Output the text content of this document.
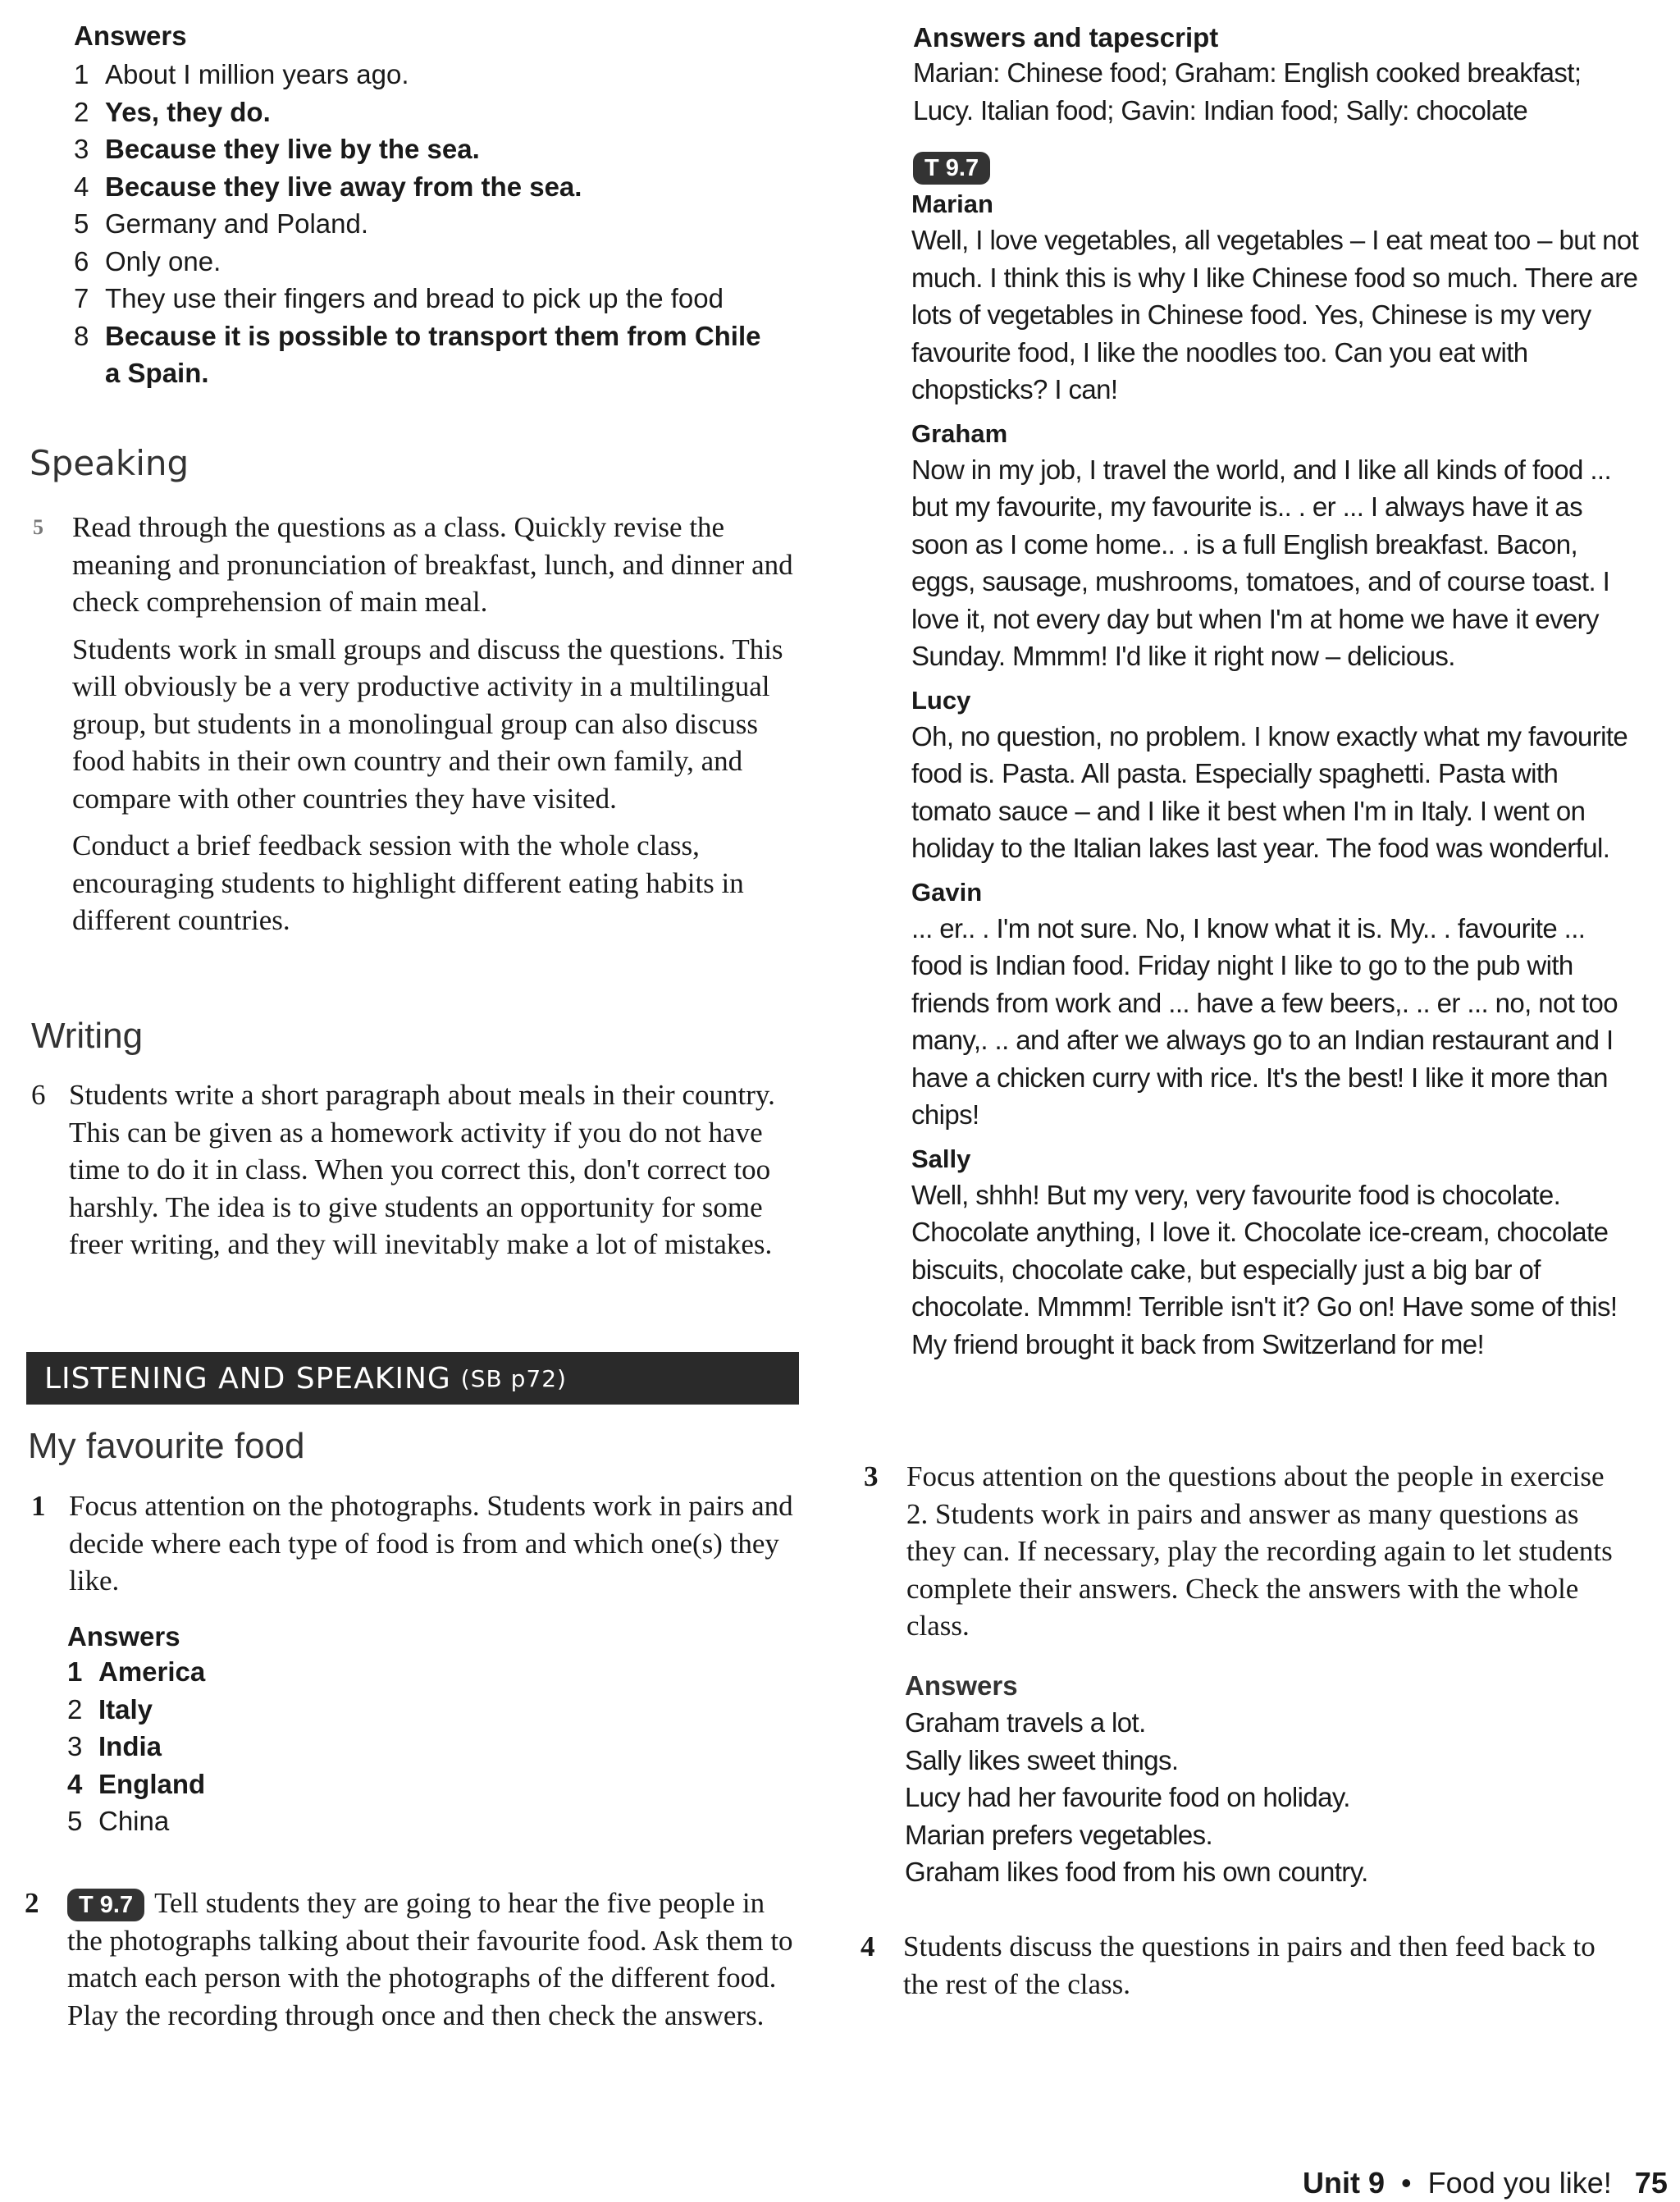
Answers
1 About I million years ago.
2 Yes, they do.
3 Because they live by the sea.
4 Because they live away from the sea.
5 Germany and Poland.
6 Only one.
7 They use their fingers and bread to pick up the food
8 Because it is possible to transport them from Chile a Spain.
Speaking
5 Read through the questions as a class. Quickly revise the meaning and pronunciation of breakfast, lunch, and dinner and check comprehension of main meal.

Students work in small groups and discuss the questions. This will obviously be a very productive activity in a multilingual group, but students in a monolingual group can also discuss food habits in their own country and their own family, and compare with other countries they have visited.

Conduct a brief feedback session with the whole class, encouraging students to highlight different eating habits in different countries.

Writing
6 Students write a short paragraph about meals in their country. This can be given as a homework activity if you do not have time to do it in class. When you correct this, don't correct too harshly. The idea is to give students an opportunity for some freer writing, and they will inevitably make a lot of mistakes.

LISTENING AND SPEAKING (SB p72)
My favourite food
1 Focus attention on the photographs. Students work in pairs and decide where each type of food is from and which one(s) they like.

Answers
1 America
2 Italy
3 India
4 England
5 China
2	T 9.7 Tell students they are going to hear the five people in the photographs talking about their favourite food. Ask them to match each person with the photographs of the different food. Play the recording through once and then check the answers.

Answers and tapescript

Marian: Chinese food; Graham: English cooked breakfast; Lucy. Italian food; Gavin: Indian food; Sally: chocolate

T 9.7

Marian

Well, I love vegetables, all vegetables – I eat meat too – but not much. I think this is why I like Chinese food so much. There are lots of vegetables in Chinese food. Yes, Chinese is my very favourite food, I like the noodles too. Can you eat with chopsticks? I can!

Graham

Now in my job, I travel the world, and I like all kinds of food ... but my favourite, my favourite is.. . er ... I always have it as soon as I come home.. . is a full English breakfast. Bacon, eggs, sausage, mushrooms, tomatoes, and of course toast. I love it, not every day but when I'm at home we have it every Sunday. Mmmm! I'd like it right now – delicious.

Lucy

Oh, no question, no problem. I know exactly what my favourite food is. Pasta. All pasta. Especially spaghetti. Pasta with tomato sauce – and I like it best when I'm in Italy. I went on holiday to the Italian lakes last year. The food was wonderful.

Gavin

... er.. . I'm not sure. No, I know what it is. My.. . favourite ... food is Indian food. Friday night I like to go to the pub with friends from work and ... have a few beers,. .. er ... no, not too many,. .. and after we always go to an Indian restaurant and I have a chicken curry with rice. It's the best! I like it more than chips!

Sally

Well, shhh! But my very, very favourite food is chocolate. Chocolate anything, I love it. Chocolate ice-cream, chocolate biscuits, chocolate cake, but especially just a big bar of chocolate. Mmmm! Terrible isn't it? Go on! Have some of this! My friend brought it back from Switzerland for me!

3 Focus attention on the questions about the people in exercise 2. Students work in pairs and answer as many questions as they can. If necessary, play the recording again to let students complete their answers. Check the answers with the whole class.

Answers

Graham travels a lot.

Sally likes sweet things.

Lucy had her favourite food on holiday.

Marian prefers vegetables.

Graham likes food from his own country.

4 Students discuss the questions in pairs and then feed back to the rest of the class.

Unit 9 • Food you like! 75
